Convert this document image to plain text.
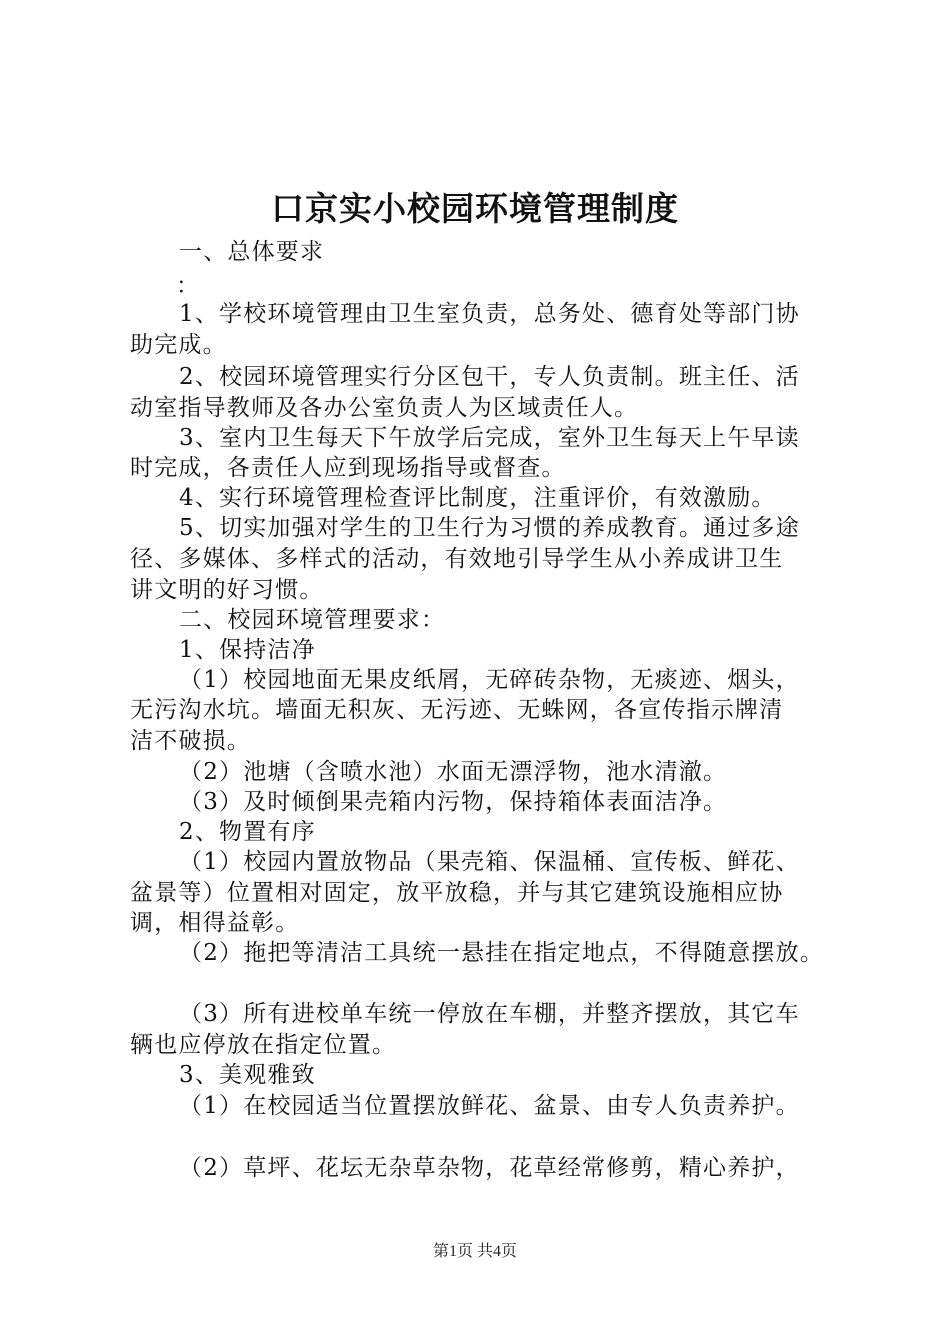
口京实小校园环境管理制度
一、总体要求
：
1、学校环境管理由卫生室负责，总务处、德育处等部门协
助完成。
2、校园环境管理实行分区包干，专人负责制。班主任、活
动室指导教师及各办公室负责人为区域责任人。
3、室内卫生每天下午放学后完成，室外卫生每天上午早读
时完成，各责任人应到现场指导或督查。
4、实行环境管理检查评比制度，注重评价，有效激励。
5、切实加强对学生的卫生行为习惯的养成教育。通过多途
径、多媒体、多样式的活动，有效地引导学生从小养成讲卫生
讲文明的好习惯。
二、校园环境管理要求：
1、保持洁净
（1）校园地面无果皮纸屑，无碎砖杂物，无痰迹、烟头，
无污沟水坑。墙面无积灰、无污迹、无蛛网，各宣传指示牌清
洁不破损。
（2）池塘（含喷水池）水面无漂浮物，池水清澈。
（3）及时倾倒果壳箱内污物，保持箱体表面洁净。
2、物置有序
（1）校园内置放物品（果壳箱、保温桶、宣传板、鲜花、
盆景等）位置相对固定，放平放稳，并与其它建筑设施相应协
调，相得益彰。
（2）拖把等清洁工具统一悬挂在指定地点，不得随意摆放。
（3）所有进校单车统一停放在车棚，并整齐摆放，其它车
辆也应停放在指定位置。
3、美观雅致
（1）在校园适当位置摆放鲜花、盆景、由专人负责养护。
（2）草坪、花坛无杂草杂物，花草经常修剪，精心养护，
第1页 共4页
